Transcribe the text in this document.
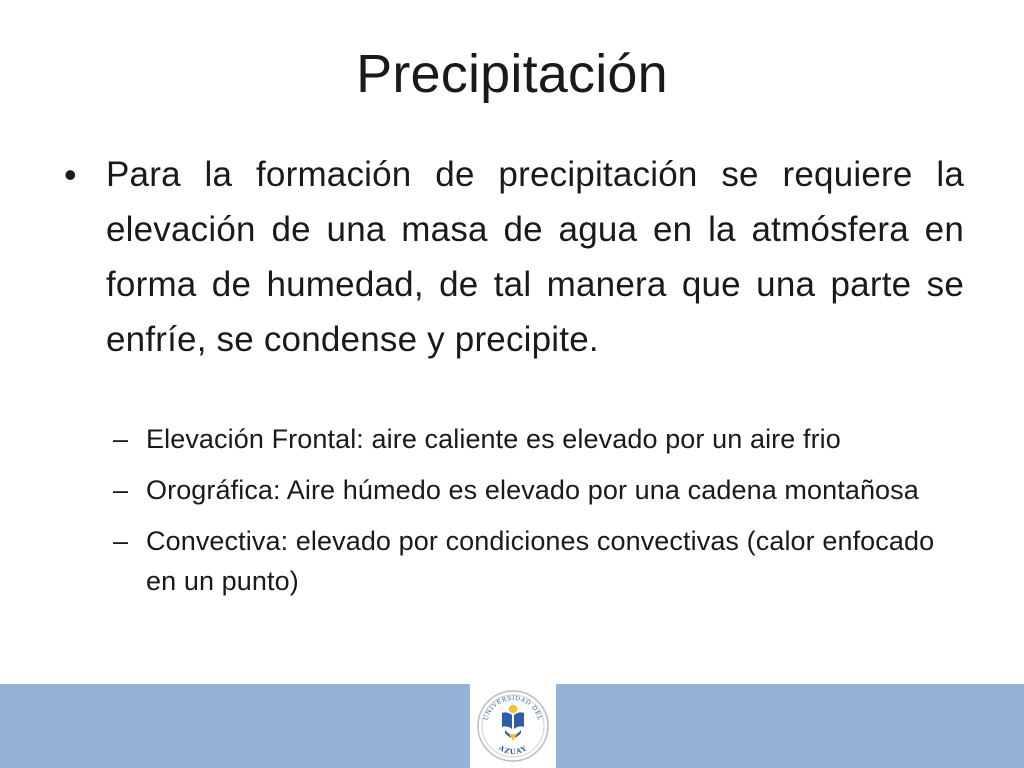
Precipitación
• Para la formación de precipitación se requiere la elevación de una masa de agua en la atmósfera en forma de humedad, de tal manera que una parte se enfríe, se condense y precipite.
– Elevación Frontal: aire caliente es elevado por un aire frio
– Orográfica: Aire húmedo es elevado por una cadena montañosa
– Convectiva: elevado por condiciones convectivas (calor enfocado en un punto)
UNIVERSIDAD DEL
AZUAY
